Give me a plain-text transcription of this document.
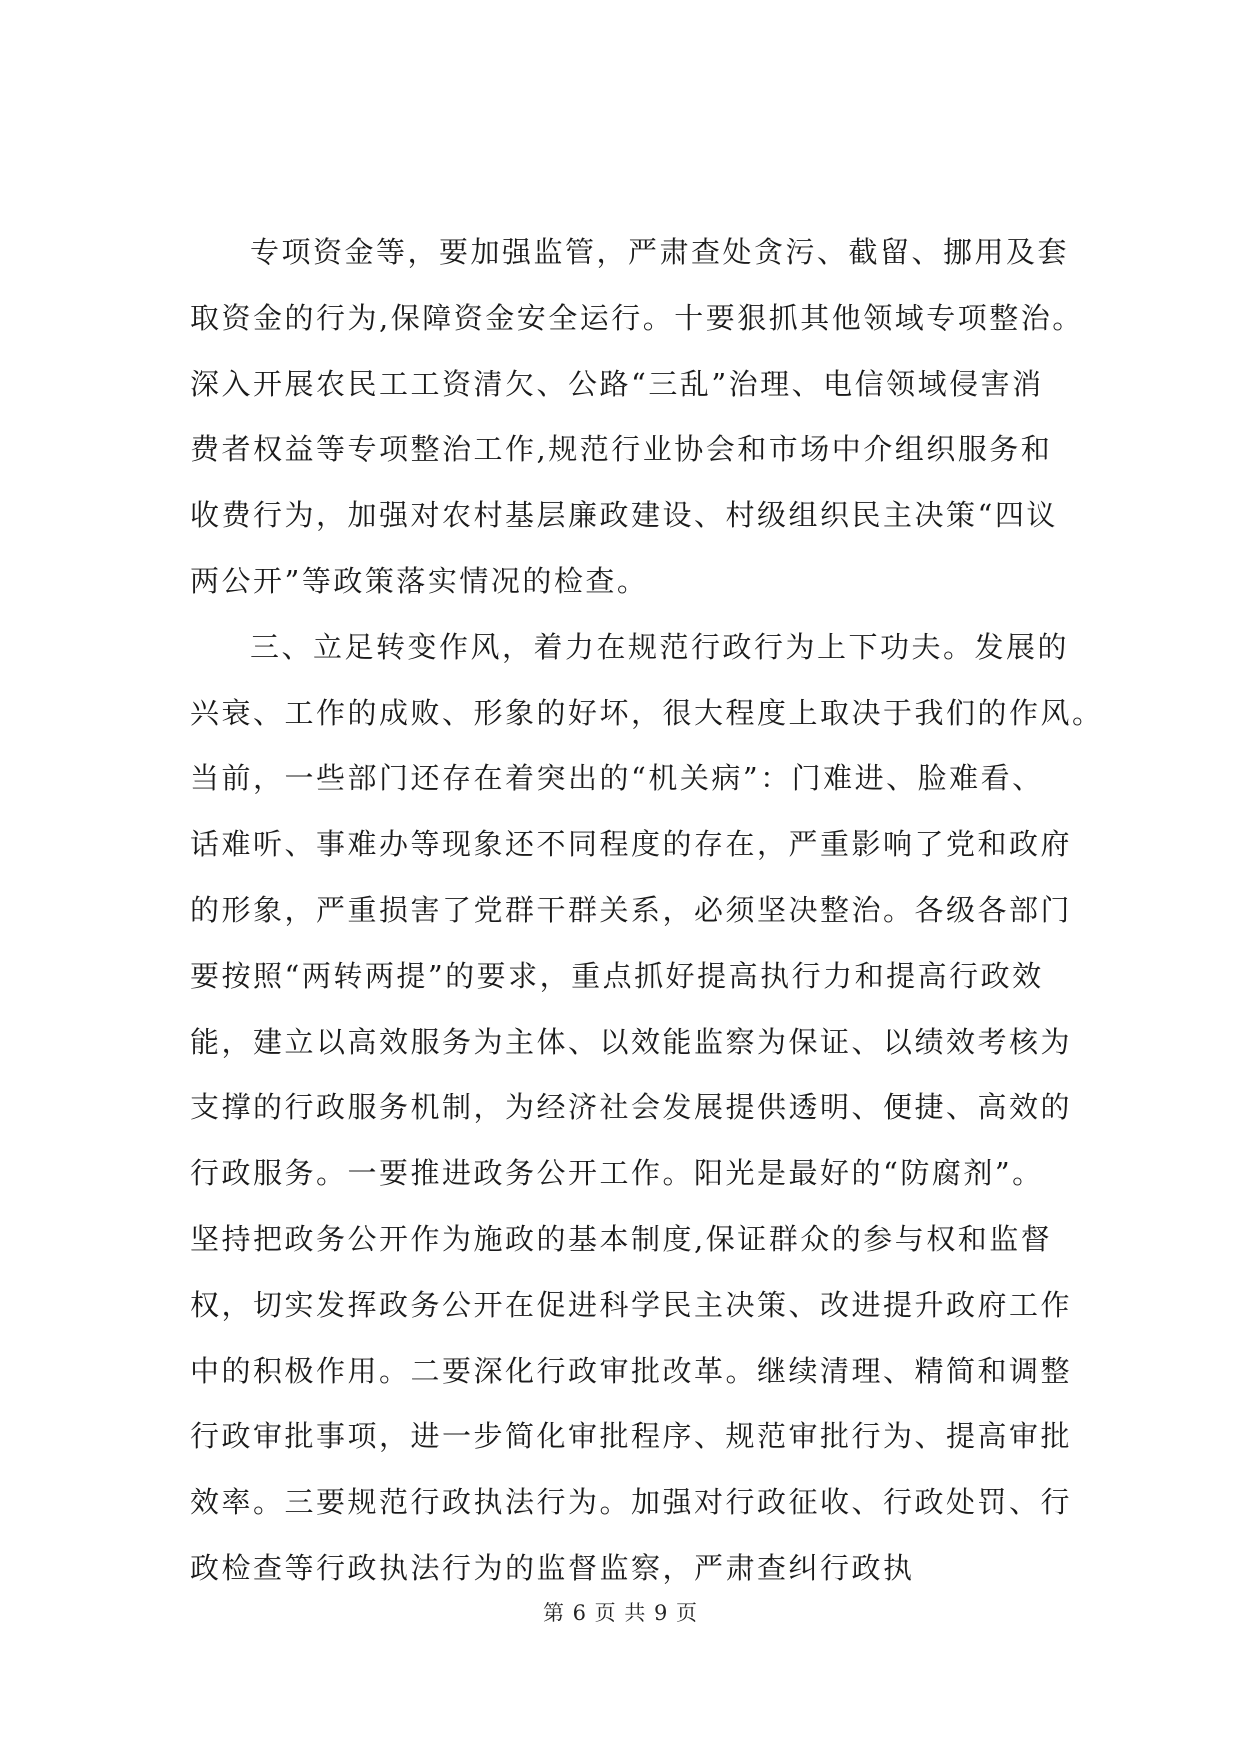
专项资金等，要加强监管，严肃查处贪污、截留、挪用及套
取资金的行为,保障资金安全运行。十要狠抓其他领域专项整治。
深入开展农民工工资清欠、公路“三乱”治理、电信领域侵害消
费者权益等专项整治工作,规范行业协会和市场中介组织服务和
收费行为，加强对农村基层廉政建设、村级组织民主决策“四议
两公开”等政策落实情况的检查。
三、立足转变作风，着力在规范行政行为上下功夫。发展的
兴衰、工作的成败、形象的好坏，很大程度上取决于我们的作风。
当前，一些部门还存在着突出的“机关病”：门难进、脸难看、
话难听、事难办等现象还不同程度的存在，严重影响了党和政府
的形象，严重损害了党群干群关系，必须坚决整治。各级各部门
要按照“两转两提”的要求，重点抓好提高执行力和提高行政效
能，建立以高效服务为主体、以效能监察为保证、以绩效考核为
支撑的行政服务机制，为经济社会发展提供透明、便捷、高效的
行政服务。一要推进政务公开工作。阳光是最好的“防腐剂”。
坚持把政务公开作为施政的基本制度,保证群众的参与权和监督
权，切实发挥政务公开在促进科学民主决策、改进提升政府工作
中的积极作用。二要深化行政审批改革。继续清理、精简和调整
行政审批事项，进一步简化审批程序、规范审批行为、提高审批
效率。三要规范行政执法行为。加强对行政征收、行政处罚、行
政检查等行政执法行为的监督监察，严肃查纠行政执
第 6 页 共 9 页
